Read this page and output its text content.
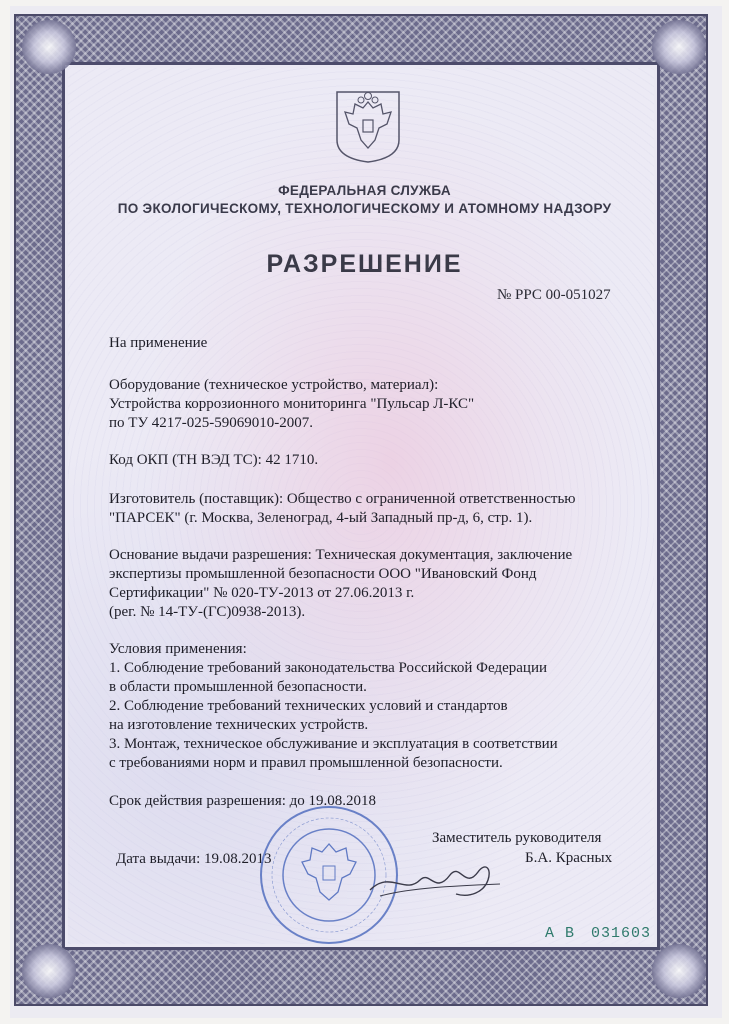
ФЕДЕРАЛЬНАЯ СЛУЖБА
ПО ЭКОЛОГИЧЕСКОМУ, ТЕХНОЛОГИЧЕСКОМУ И АТОМНОМУ НАДЗОРУ
РАЗРЕШЕНИЕ
№ РРС 00-051027
На применение
Оборудование (техническое устройство, материал):
Устройства коррозионного мониторинга "Пульсар Л-КС"
по ТУ 4217-025-59069010-2007.
Код ОКП (ТН ВЭД ТС): 42 1710.
Изготовитель (поставщик): Общество с ограниченной ответственностью
"ПАРСЕК" (г. Москва, Зеленоград, 4-ый Западный пр-д, 6, стр. 1).
Основание выдачи разрешения: Техническая документация, заключение
экспертизы промышленной безопасности ООО "Ивановский Фонд
Сертификации" № 020-ТУ-2013 от 27.06.2013 г.
(рег. № 14-ТУ-(ГС)0938-2013).
Условия применения:
1. Соблюдение требований законодательства Российской Федерации
в области промышленной безопасности.
2. Соблюдение требований технических условий и стандартов
на изготовление технических устройств.
3. Монтаж, техническое обслуживание и эксплуатация в соответствии
с требованиями норм и правил промышленной безопасности.
Срок действия разрешения: до 19.08.2018
Заместитель руководителя
Б.А. Красных
Дата выдачи: 19.08.2013
А В 031603
